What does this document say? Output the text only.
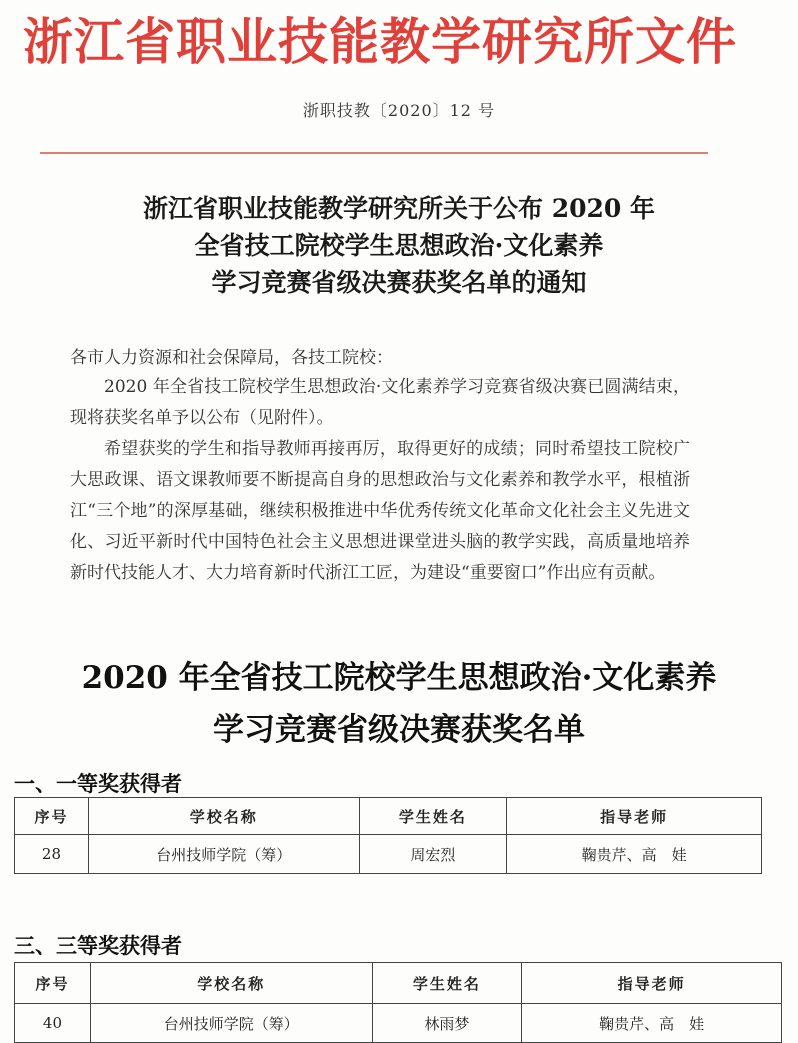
浙江省职业技能教学研究所文件
浙职技教〔2020〕12 号
浙江省职业技能教学研究所关于公布 2020 年
全省技工院校学生思想政治·文化素养
学习竞赛省级决赛获奖名单的通知
各市人力资源和社会保障局，各技工院校：
2020 年全省技工院校学生思想政治·文化素养学习竞赛省级决赛已圆满结束，现将获奖名单予以公布（见附件）。
希望获奖的学生和指导教师再接再厉，取得更好的成绩；同时希望技工院校广大思政课、语文课教师要不断提高自身的思想政治与文化素养和教学水平，根植浙江“三个地”的深厚基础，继续积极推进中华优秀传统文化革命文化社会主义先进文化、习近平新时代中国特色社会主义思想进课堂进头脑的教学实践，高质量地培养新时代技能人才、大力培育新时代浙江工匠，为建设“重要窗口”作出应有贡献。
2020 年全省技工院校学生思想政治·文化素养
学习竞赛省级决赛获奖名单
一、一等奖获得者
序号	学校名称	学生姓名	指导老师
28	台州技师学院（筹）	周宏烈	鞠贵芹、高　娃
三、三等奖获得者
序号	学校名称	学生姓名	指导老师
40	台州技师学院（筹）	林雨梦	鞠贵芹、高　娃
